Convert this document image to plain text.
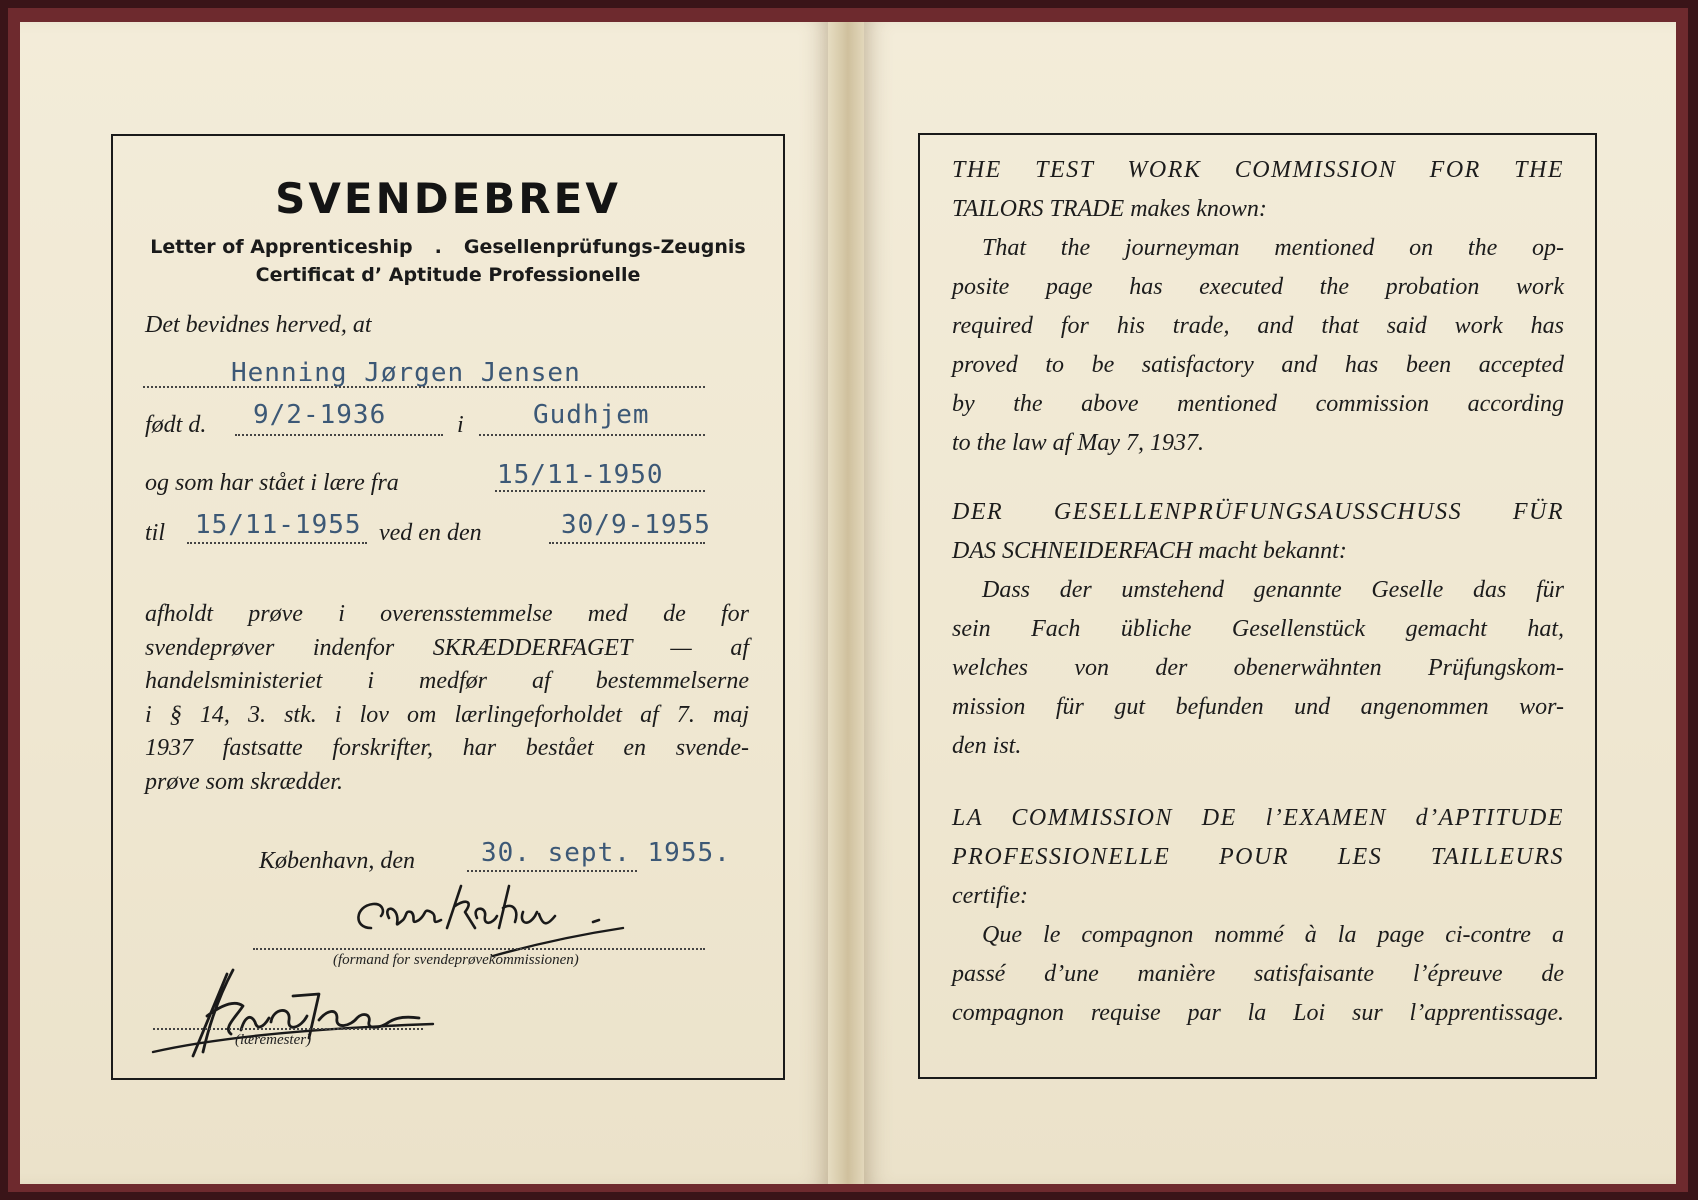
SVENDEBREV
Letter of Apprenticeship . Gesellenprüfungs-Zeugnis
Certificat d’ Aptitude Professionelle
Det bevidnes herved, at
Henning Jørgen Jensen
født d. 9/2-1936	i	Gudhjem
og som har stået i lære fra	15/11-1950
til 15/11-1955 ved en den	30/9-1955
afholdt prøve i overensstemmelse med de for
svendeprøver indenfor SKRÆDDERFAGET — af
handelsministeriet i medfør af bestemmelserne
i § 14, 3. stk. i lov om lærlingeforholdet af 7. maj
1937 fastsatte forskrifter, har bestået en svende-
prøve som skrædder.
København, den	30. sept. 1955.
(formand for svendeprøvekommissionen)
(læremester)
THE TEST WORK COMMISSION FOR THE
TAILORS TRADE makes known:
That the journeyman mentioned on the op-
posite page has executed the probation work
required for his trade, and that said work has
proved to be satisfactory and has been accepted
by the above mentioned commission according
to the law af May 7, 1937.
DER GESELLENPRÜFUNGSAUSSCHUSS FÜR
DAS SCHNEIDERFACH macht bekannt:
Dass der umstehend genannte Geselle das für
sein Fach übliche Gesellenstück gemacht hat,
welches von der obenerwähnten Prüfungskom-
mission für gut befunden und angenommen wor-
den ist.
LA COMMISSION DE l’EXAMEN d’APTITUDE
PROFESSIONELLE POUR LES TAILLEURS
certifie:
Que le compagnon nommé à la page ci-contre a
passé d’une manière satisfaisante l’épreuve de
compagnon requise par la Loi sur l’apprentissage.
